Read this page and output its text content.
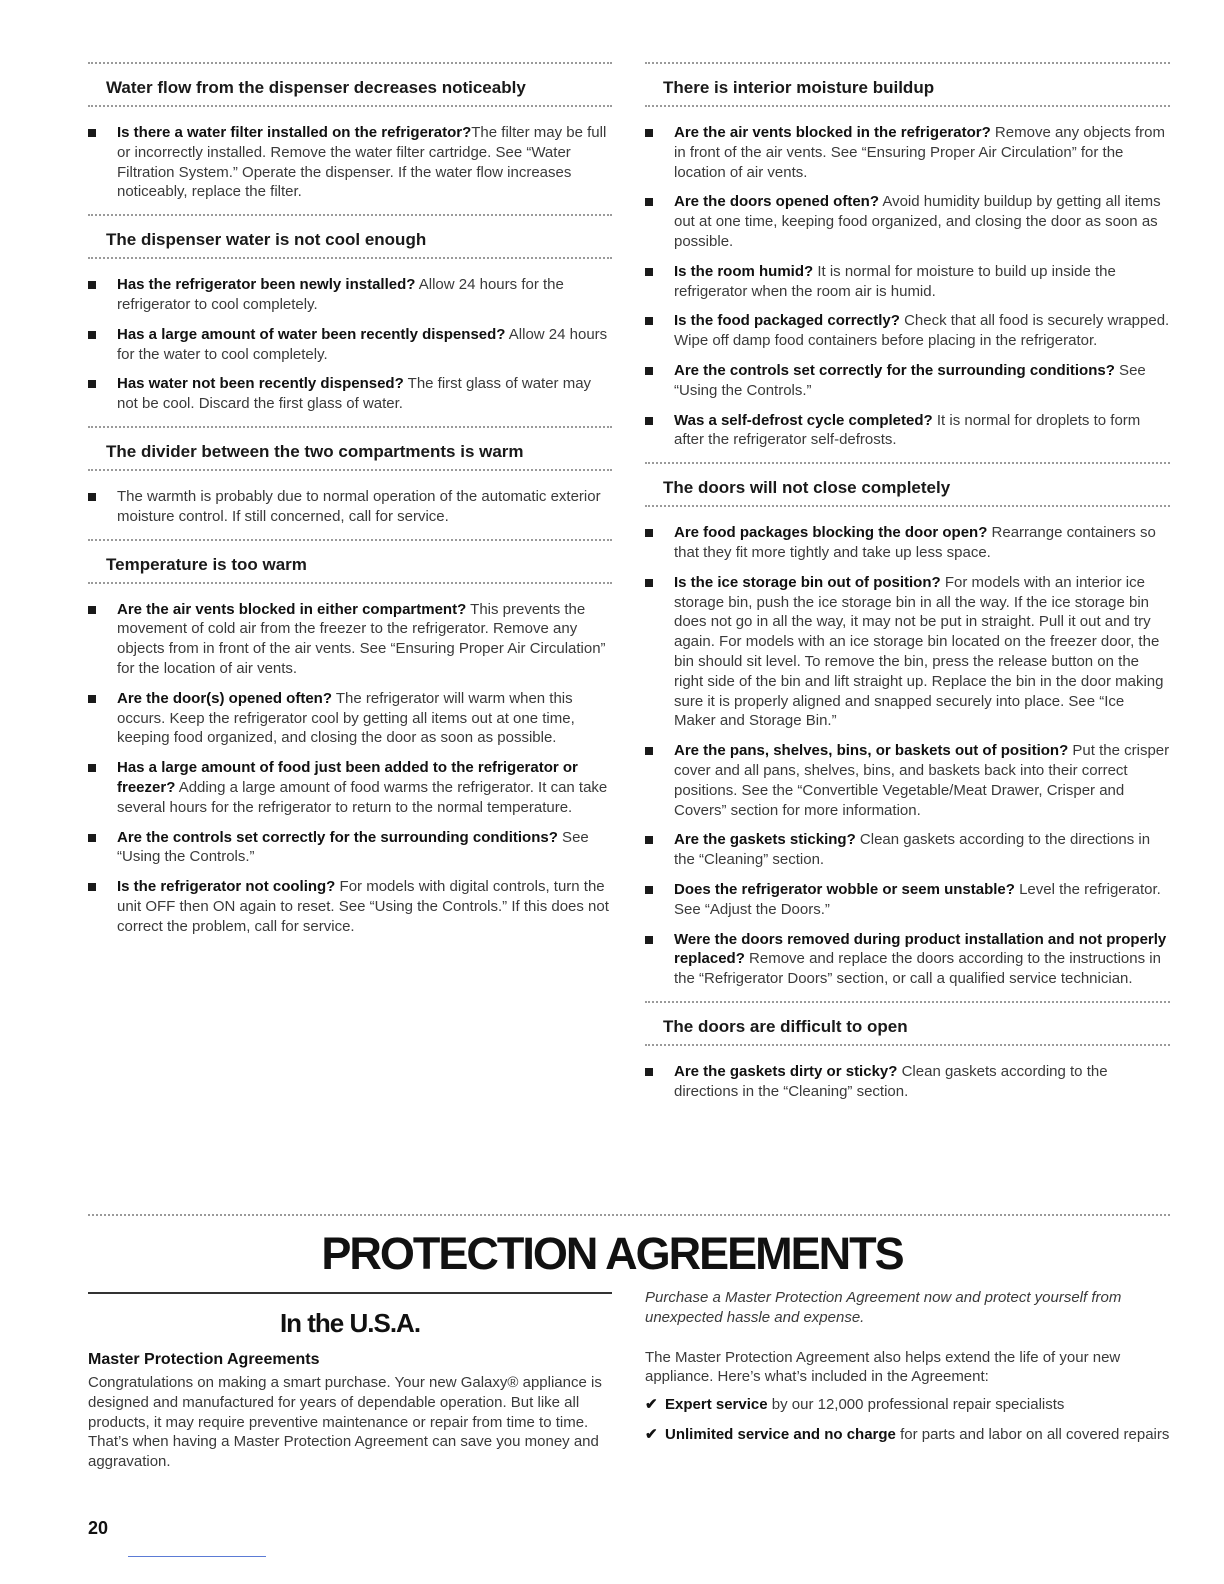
Water flow from the dispenser decreases noticeably
Is there a water filter installed on the refrigerator?The filter may be full or incorrectly installed. Remove the water filter cartridge. See “Water Filtration System.” Operate the dispenser. If the water flow increases noticeably, replace the filter.
The dispenser water is not cool enough
Has the refrigerator been newly installed? Allow 24 hours for the refrigerator to cool completely.
Has a large amount of water been recently dispensed? Allow 24 hours for the water to cool completely.
Has water not been recently dispensed? The first glass of water may not be cool. Discard the first glass of water.
The divider between the two compartments is warm
The warmth is probably due to normal operation of the automatic exterior moisture control. If still concerned, call for service.
Temperature is too warm
Are the air vents blocked in either compartment? This prevents the movement of cold air from the freezer to the refrigerator. Remove any objects from in front of the air vents. See “Ensuring Proper Air Circulation” for the location of air vents.
Are the door(s) opened often? The refrigerator will warm when this occurs. Keep the refrigerator cool by getting all items out at one time, keeping food organized, and closing the door as soon as possible.
Has a large amount of food just been added to the refrigerator or freezer? Adding a large amount of food warms the refrigerator. It can take several hours for the refrigerator to return to the normal temperature.
Are the controls set correctly for the surrounding conditions? See “Using the Controls.”
Is the refrigerator not cooling? For models with digital controls, turn the unit OFF then ON again to reset. See “Using the Controls.” If this does not correct the problem, call for service.
There is interior moisture buildup
Are the air vents blocked in the refrigerator? Remove any objects from in front of the air vents. See “Ensuring Proper Air Circulation” for the location of air vents.
Are the doors opened often? Avoid humidity buildup by getting all items out at one time, keeping food organized, and closing the door as soon as possible.
Is the room humid? It is normal for moisture to build up inside the refrigerator when the room air is humid.
Is the food packaged correctly? Check that all food is securely wrapped. Wipe off damp food containers before placing in the refrigerator.
Are the controls set correctly for the surrounding conditions? See “Using the Controls.”
Was a self-defrost cycle completed? It is normal for droplets to form after the refrigerator self-defrosts.
The doors will not close completely
Are food packages blocking the door open? Rearrange containers so that they fit more tightly and take up less space.
Is the ice storage bin out of position? For models with an interior ice storage bin, push the ice storage bin in all the way. If the ice storage bin does not go in all the way, it may not be put in straight. Pull it out and try again. For models with an ice storage bin located on the freezer door, the bin should sit level. To remove the bin, press the release button on the right side of the bin and lift straight up. Replace the bin in the door making sure it is properly aligned and snapped securely into place. See “Ice Maker and Storage Bin.”
Are the pans, shelves, bins, or baskets out of position? Put the crisper cover and all pans, shelves, bins, and baskets back into their correct positions. See the “Convertible Vegetable/Meat Drawer, Crisper and Covers” section for more information.
Are the gaskets sticking? Clean gaskets according to the directions in the “Cleaning” section.
Does the refrigerator wobble or seem unstable? Level the refrigerator. See “Adjust the Doors.”
Were the doors removed during product installation and not properly replaced? Remove and replace the doors according to the instructions in the “Refrigerator Doors” section, or call a qualified service technician.
The doors are difficult to open
Are the gaskets dirty or sticky? Clean gaskets according to the directions in the “Cleaning” section.
PROTECTION AGREEMENTS
In the U.S.A.
Master Protection Agreements
Congratulations on making a smart purchase. Your new Galaxy® appliance is designed and manufactured for years of dependable operation. But like all products, it may require preventive maintenance or repair from time to time. That’s when having a Master Protection Agreement can save you money and aggravation.
Purchase a Master Protection Agreement now and protect yourself from unexpected hassle and expense.
The Master Protection Agreement also helps extend the life of your new appliance. Here’s what’s included in the Agreement:
✔ Expert service by our 12,000 professional repair specialists
✔ Unlimited service and no charge for parts and labor on all covered repairs
20
